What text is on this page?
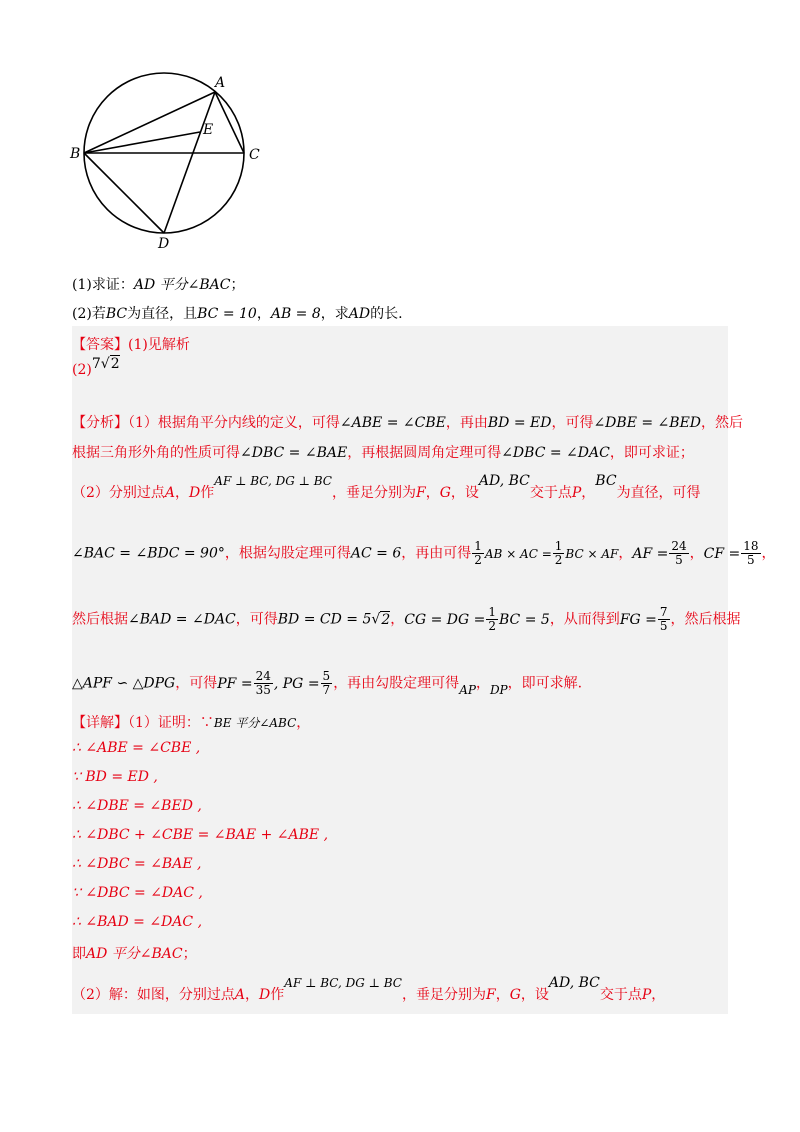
A
B	C
D
E
(1)求证：AD 平分∠BAC；
(2)若BC为直径，且BC = 10，AB = 8，求AD的长.
【答案】(1)见解析
(2)7√2
【分析】（1）根据角平分内线的定义，可得∠ABE = ∠CBE，再由BD = ED，可得∠DBE = ∠BED，然后
根据三角形外角的性质可得∠DBC = ∠BAE，再根据圆周角定理可得∠DBC = ∠DAC，即可求证；
（2）分别过点A，D作AF ⊥ BC, DG ⊥ BC，垂足分别为F，G，设AD, BC交于点P，BC为直径，可得
∠BAC = ∠BDC = 90°，根据勾股定理可得AC = 6，再由可得 $\frac{1}{2}$ AB × AC = $\frac{1}{2}$ BC × AF，AF = $\frac{24}{5}$ ，CF = $\frac{18}{5}$ ，
然后根据∠BAD = ∠DAC，可得BD = CD = 5√2，CG = DG = $\frac{1}{2}$ BC = 5，从而得到FG = $\frac{7}{5}$ ，然后根据
△APF ∽ △DPG，可得PF = $\frac{24}{35}$ , PG = $\frac{5}{7}$ ，再由勾股定理可得AP，DP，即可求解.
【详解】（1）证明：∵BE 平分∠ABC，
∴ ∠ABE = ∠CBE ,
∵ BD = ED ,
∴ ∠DBE = ∠BED ,
∴ ∠DBC + ∠CBE = ∠BAE + ∠ABE ,
∴ ∠DBC = ∠BAE ,
∵ ∠DBC = ∠DAC ,
∴ ∠BAD = ∠DAC ,
即AD 平分∠BAC；
（2）解：如图，分别过点A，D作AF ⊥ BC, DG ⊥ BC，垂足分别为F，G，设AD, BC交于点P，
